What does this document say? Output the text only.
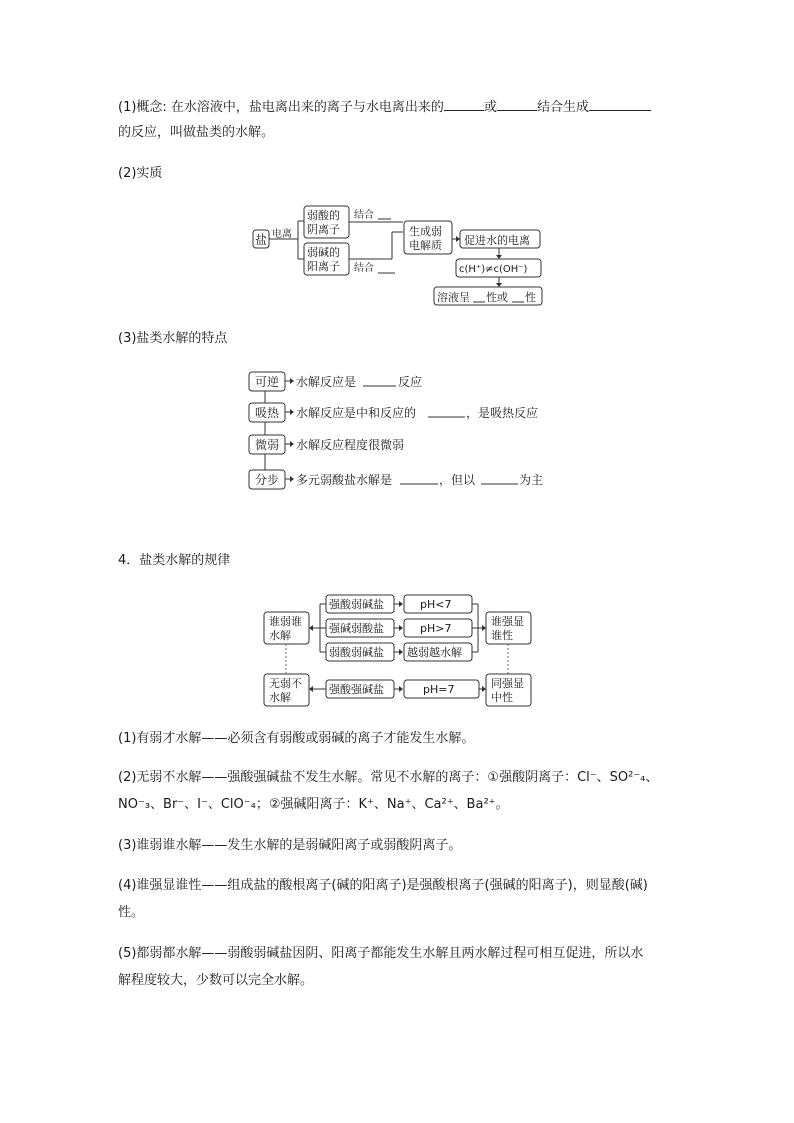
(1)概念: 在水溶液中，盐电离出来的离子与水电离出来的	或	结合生成
的反应，叫做盐类的水解。
(2)实质
盐 电离
弱酸的
阴离子
弱碱的
阳离子
结合
结合
生成弱
电解质 促进水的电离
c(H⁺)≠c(OH⁻)
溶液呈 性或 性
(3)盐类水解的特点
可逆 水解反应是	反应
吸热 水解反应是中和反应的	，是吸热反应
微弱 水解反应程度很微弱
分步 多元弱酸盐水解是	，但以	为主
4．盐类水解的规律
谁弱谁
水解
无弱不
水解
强酸弱碱盐
强碱弱酸盐
弱酸弱碱盐
强酸强碱盐
pH<7
pH>7
越弱越水解
pH=7
谁强显
谁性
同强显
中性
(1)有弱才水解——必须含有弱酸或弱碱的离子才能发生水解。
(2)无弱不水解——强酸强碱盐不发生水解。常见不水解的离子：①强酸阴离子：Cl⁻、SO²⁻₄、
NO⁻₃、Br⁻、I⁻、ClO⁻₄；②强碱阳离子：K⁺、Na⁺、Ca²⁺、Ba²⁺。
(3)谁弱谁水解——发生水解的是弱碱阳离子或弱酸阴离子。
(4)谁强显谁性——组成盐的酸根离子(碱的阳离子)是强酸根离子(强碱的阳离子)，则显酸(碱)
性。
(5)都弱都水解——弱酸弱碱盐因阴、阳离子都能发生水解且两水解过程可相互促进，所以水
解程度较大，少数可以完全水解。
